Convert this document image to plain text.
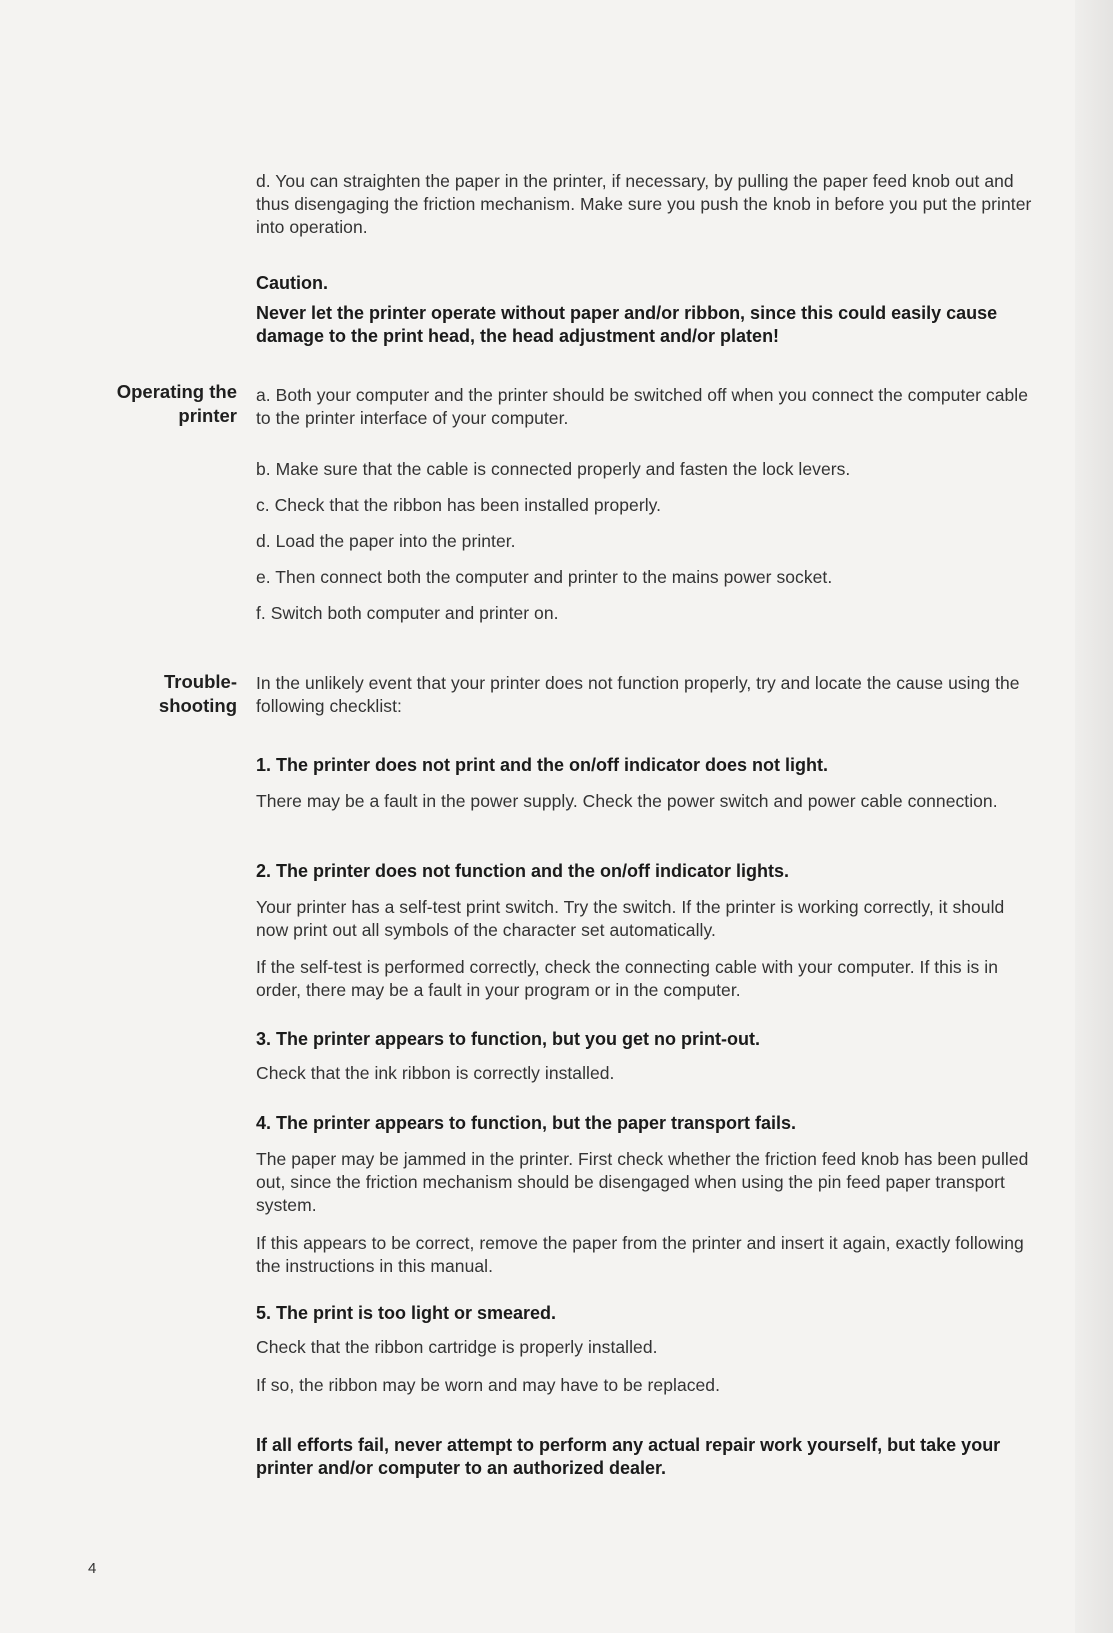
d. You can straighten the paper in the printer, if necessary, by pulling the paper feed knob out and thus disengaging the friction mechanism. Make sure you push the knob in before you put the printer into operation.

Caution.

Never let the printer operate without paper and/or ribbon, since this could easily cause damage to the print head, the head adjustment and/or platen!

Operating the
printer

a. Both your computer and the printer should be switched off when you connect the computer cable to the printer interface of your computer.

b. Make sure that the cable is connected properly and fasten the lock levers.

c. Check that the ribbon has been installed properly.

d. Load the paper into the printer.

e. Then connect both the computer and printer to the mains power socket.

f. Switch both computer and printer on.

Trouble-
shooting

In the unlikely event that your printer does not function properly, try and locate the cause using the following checklist:

1. The printer does not print and the on/off indicator does not light.

There may be a fault in the power supply. Check the power switch and power cable connection.

2. The printer does not function and the on/off indicator lights.

Your printer has a self-test print switch. Try the switch. If the printer is working correctly, it should now print out all symbols of the character set automatically.

If the self-test is performed correctly, check the connecting cable with your computer. If this is in order, there may be a fault in your program or in the computer.

3. The printer appears to function, but you get no print-out.

Check that the ink ribbon is correctly installed.

4. The printer appears to function, but the paper transport fails.

The paper may be jammed in the printer. First check whether the friction feed knob has been pulled out, since the friction mechanism should be disengaged when using the pin feed paper transport system.

If this appears to be correct, remove the paper from the printer and insert it again, exactly following the instructions in this manual.

5. The print is too light or smeared.

Check that the ribbon cartridge is properly installed.

If so, the ribbon may be worn and may have to be replaced.

If all efforts fail, never attempt to perform any actual repair work yourself, but take your printer and/or computer to an authorized dealer.

4
